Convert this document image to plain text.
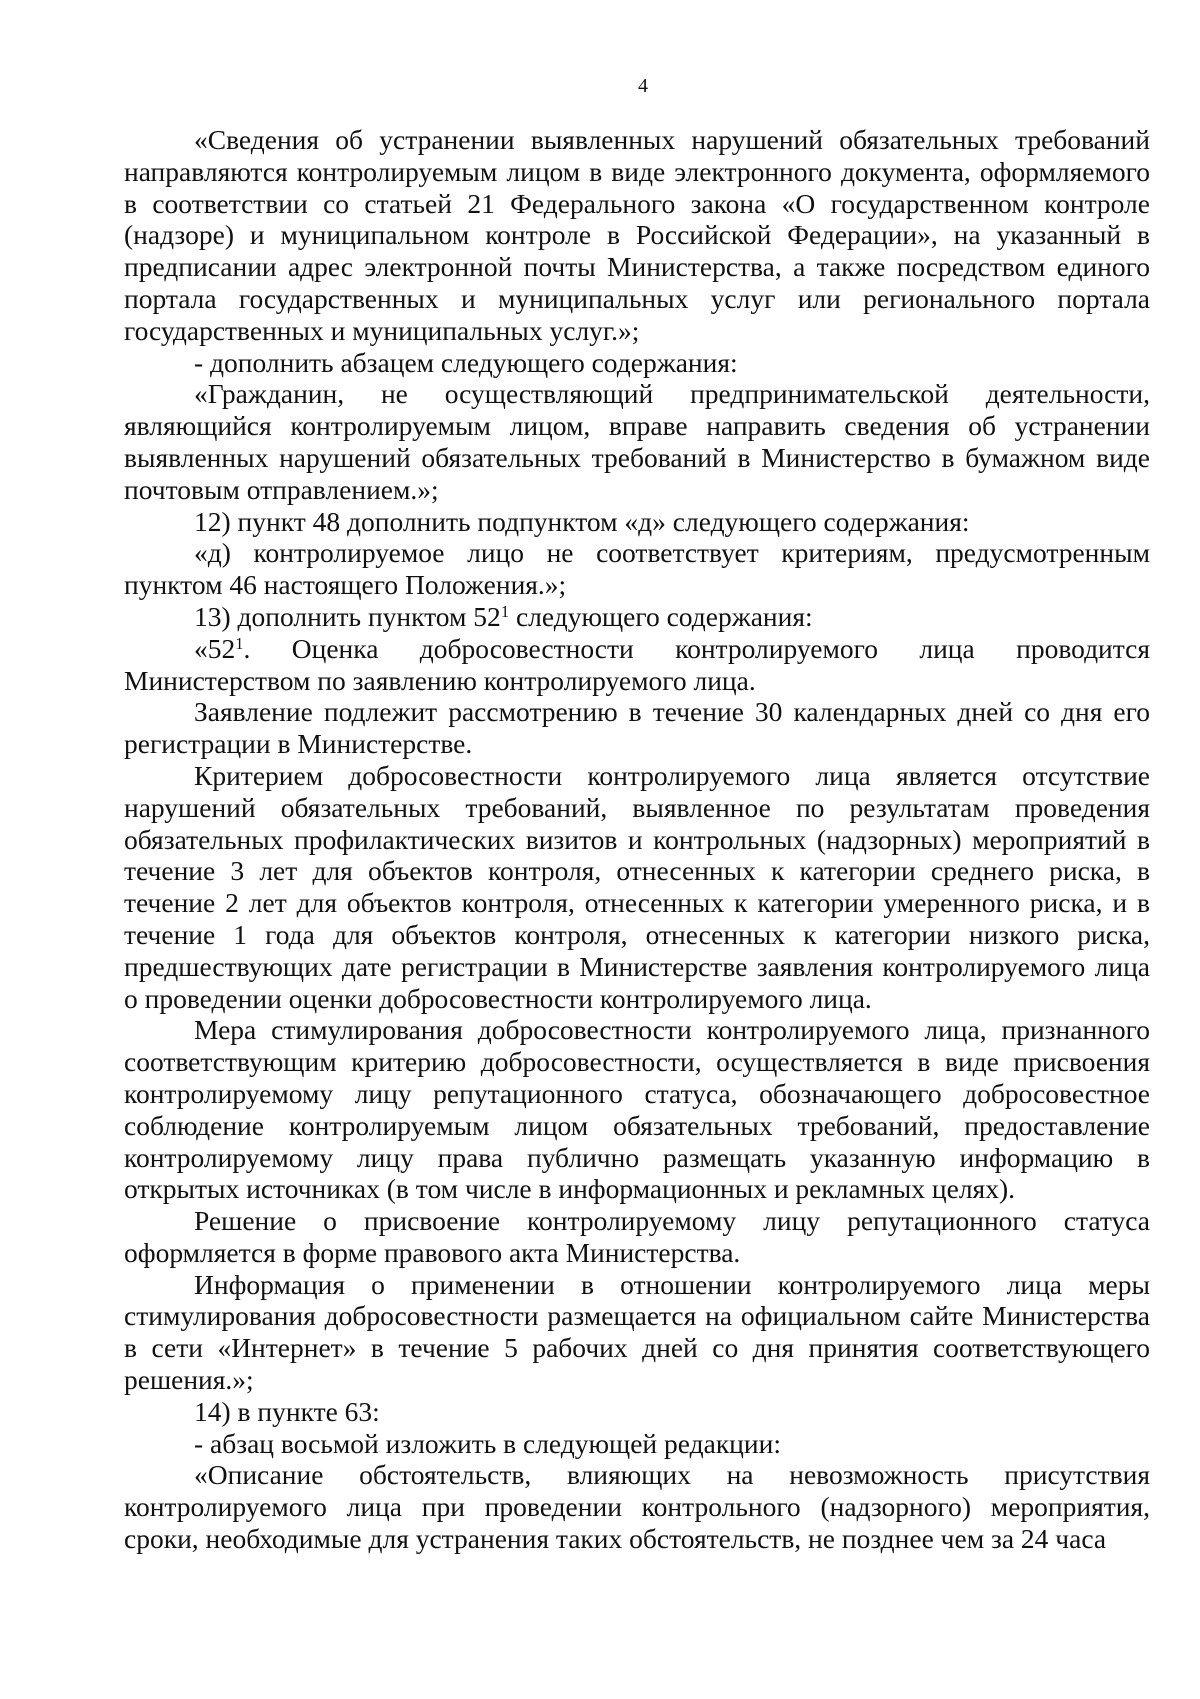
4

«Сведения об устранении выявленных нарушений обязательных требований направляются контролируемым лицом в виде электронного документа, оформляемого в соответствии со статьей 21 Федерального закона «О государственном контроле (надзоре) и муниципальном контроле в Российской Федерации», на указанный в предписании адрес электронной почты Министерства, а также посредством единого портала государственных и муниципальных услуг или регионального портала государственных и муниципальных услуг.»;

- дополнить абзацем следующего содержания:

«Гражданин, не осуществляющий предпринимательской деятельности, являющийся контролируемым лицом, вправе направить сведения об устранении выявленных нарушений обязательных требований в Министерство в бумажном виде почтовым отправлением.»;

12) пункт 48 дополнить подпунктом «д» следующего содержания:

«д) контролируемое лицо не соответствует критериям, предусмотренным пунктом 46 настоящего Положения.»;

13) дополнить пунктом $52^1$ следующего содержания:

«$52^1$. Оценка добросовестности контролируемого лица проводится Министерством по заявлению контролируемого лица.

Заявление подлежит рассмотрению в течение 30 календарных дней со дня его регистрации в Министерстве.

Критерием добросовестности контролируемого лица является отсутствие нарушений обязательных требований, выявленное по результатам проведения обязательных профилактических визитов и контрольных (надзорных) мероприятий в течение 3 лет для объектов контроля, отнесенных к категории среднего риска, в течение 2 лет для объектов контроля, отнесенных к категории умеренного риска, и в течение 1 года для объектов контроля, отнесенных к категории низкого риска, предшествующих дате регистрации в Министерстве заявления контролируемого лица о проведении оценки добросовестности контролируемого лица.

Мера стимулирования добросовестности контролируемого лица, признанного соответствующим критерию добросовестности, осуществляется в виде присвоения контролируемому лицу репутационного статуса, обозначающего добросовестное соблюдение контролируемым лицом обязательных требований, предоставление контролируемому лицу права публично размещать указанную информацию в открытых источниках (в том числе в информационных и рекламных целях).

Решение о присвоение контролируемому лицу репутационного статуса оформляется в форме правового акта Министерства.

Информация о применении в отношении контролируемого лица меры стимулирования добросовестности размещается на официальном сайте Министерства в сети «Интернет» в течение 5 рабочих дней со дня принятия соответствующего решения.»;

14) в пункте 63:

- абзац восьмой изложить в следующей редакции:

«Описание обстоятельств, влияющих на невозможность присутствия контролируемого лица при проведении контрольного (надзорного) мероприятия, сроки, необходимые для устранения таких обстоятельств, не позднее чем за 24 часа
